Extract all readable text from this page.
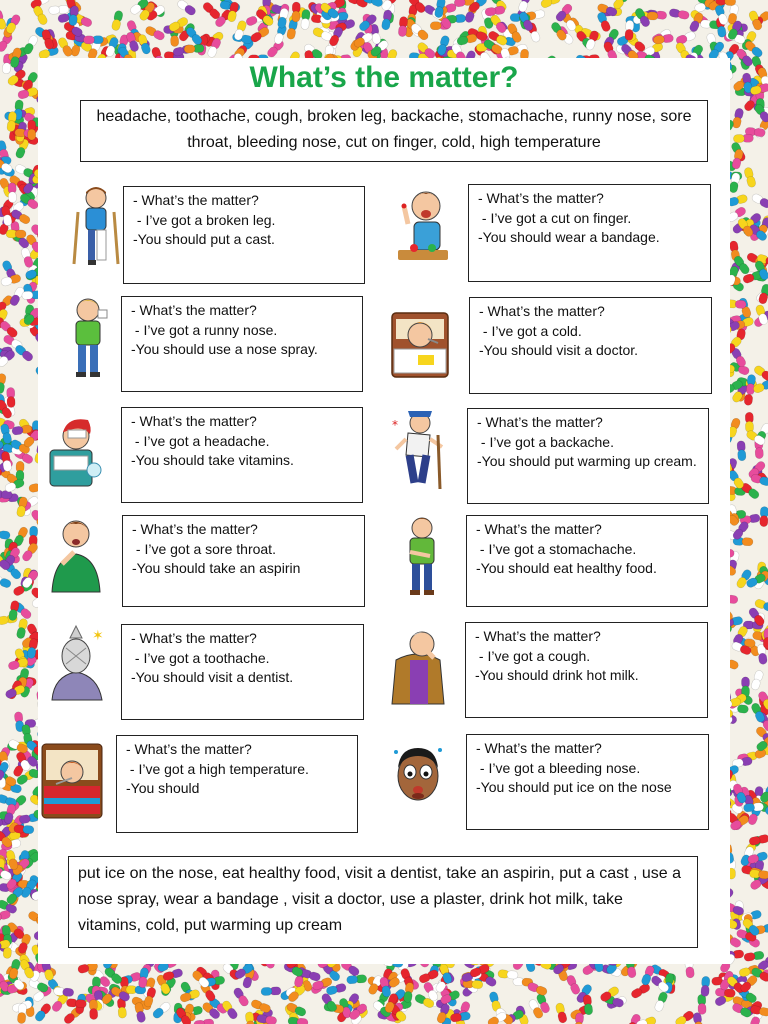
What’s the matter?
headache, toothache, cough, broken leg, backache, stomachache, runny nose, sore throat, bleeding nose, cut on finger, cold, high temperature
- What’s the matter?
- I’ve got a broken leg.
-You should put a cast.
- What’s the matter?
- I’ve got a cut on finger.
-You should wear a bandage.
- What’s the matter?
- I’ve got a runny nose.
-You should use a nose spray.
- What’s the matter?
- I’ve got a cold.
-You should visit a doctor.
- What’s the matter?
- I’ve got a headache.
-You should take vitamins.
- What’s the matter?
- I’ve got a backache.
-You should put warming up cream.
- What’s the matter?
- I’ve got a sore throat.
-You should take an aspirin
- What’s the matter?
- I’ve got a stomachache.
-You should eat healthy food.
- What’s the matter?
- I’ve got a toothache.
-You should visit a dentist.
- What’s the matter?
- I’ve got a cough.
-You should drink hot milk.
- What’s the matter?
- I’ve got a high temperature.
-You should
- What’s the matter?
- I’ve got a bleeding nose.
-You should put ice on the nose
*
✶
put ice on the nose, eat healthy food, visit a dentist, take an aspirin, put a cast , use a nose spray, wear a bandage , visit a doctor, use a plaster, drink hot milk, take vitamins, cold, put warming up cream
